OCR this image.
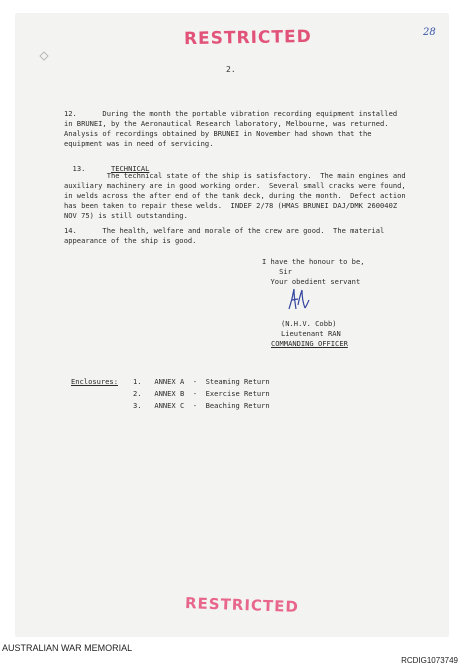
RESTRICTED	28
2.
12.      During the month the portable vibration recording equipment installed
in BRUNEI, by the Aeronautical Research laboratory, Melbourne, was returned.
Analysis of recordings obtained by BRUNEI in November had shown that the
equipment was in need of servicing.

13.	TECHNICAL

The technical state of the ship is satisfactory.  The main engines and
auxiliary machinery are in good working order.  Several small cracks were found,
in welds across the after end of the tank deck, during the month.  Defect action
has been taken to repair these welds.  INDEF 2/78 (HMAS BRUNEI DAJ/DMK 260040Z
NOV 75) is still outstanding.
14.      The health, welfare and morale of the crew are good.  The material
appearance of the ship is good.
I have the honour to be,
Sir
Your obedient servant
(N.H.V. Cobb)
Lieutenant RAN
COMMANDING OFFICER
Enclosures: 1.   ANNEX A  -  Steaming Return
2.   ANNEX B  -  Exercise Return
3.   ANNEX C  -  Beaching Return
RESTRICTED
AUSTRALIAN WAR MEMORIAL
RCDIG1073749
